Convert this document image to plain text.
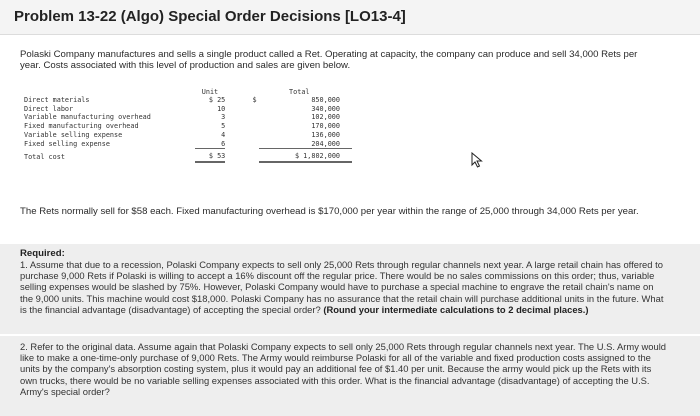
Problem 13-22 (Algo) Special Order Decisions [LO13-4]
Polaski Company manufactures and sells a single product called a Ret. Operating at capacity, the company can produce and sell 34,000 Rets per year. Costs associated with this level of production and sales are given below.
	Unit		Total
Direct materials	$ 25	$	850,000
Direct labor	10		340,000
Variable manufacturing overhead	3		102,000
Fixed manufacturing overhead	5		170,000
Variable selling expense	4		136,000
Fixed selling expense	6		204,000

Total cost	$ 53		$ 1,802,000
The Rets normally sell for $58 each. Fixed manufacturing overhead is $170,000 per year within the range of 25,000 through 34,000 Rets per year.
Required:
1. Assume that due to a recession, Polaski Company expects to sell only 25,000 Rets through regular channels next year. A large retail chain has offered to purchase 9,000 Rets if Polaski is willing to accept a 16% discount off the regular price. There would be no sales commissions on this order; thus, variable selling expenses would be slashed by 75%. However, Polaski Company would have to purchase a special machine to engrave the retail chain's name on the 9,000 units. This machine would cost $18,000. Polaski Company has no assurance that the retail chain will purchase additional units in the future. What is the financial advantage (disadvantage) of accepting the special order? (Round your intermediate calculations to 2 decimal places.)
2. Refer to the original data. Assume again that Polaski Company expects to sell only 25,000 Rets through regular channels next year. The U.S. Army would like to make a one-time-only purchase of 9,000 Rets. The Army would reimburse Polaski for all of the variable and fixed production costs assigned to the units by the company's absorption costing system, plus it would pay an additional fee of $1.40 per unit. Because the army would pick up the Rets with its own trucks, there would be no variable selling expenses associated with this order. What is the financial advantage (disadvantage) of accepting the U.S. Army's special order?
